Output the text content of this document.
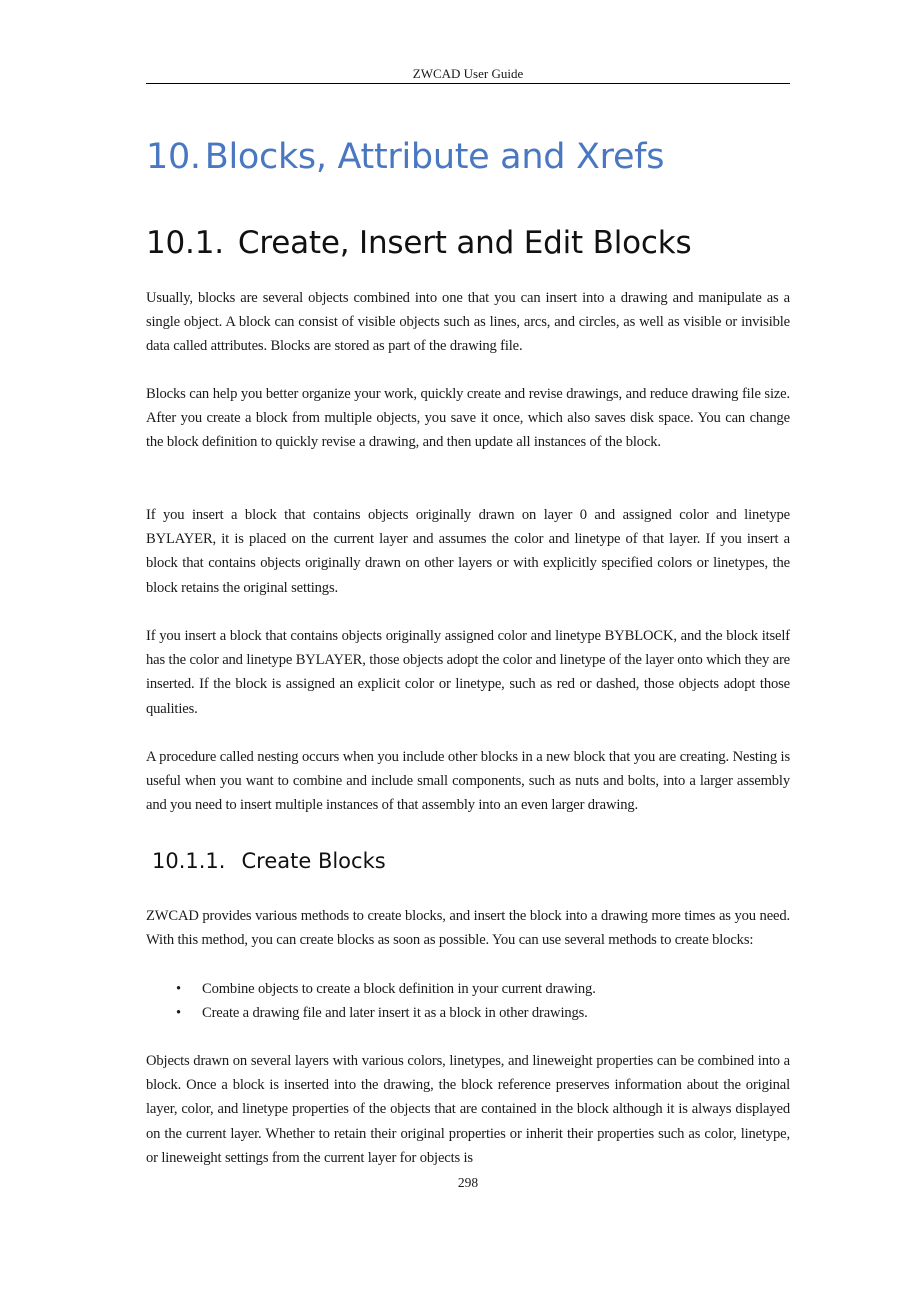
ZWCAD User Guide
10. Blocks, Attribute and Xrefs
10.1. Create, Insert and Edit Blocks

Usually, blocks are several objects combined into one that you can insert into a drawing and manipulate as a single object. A block can consist of visible objects such as lines, arcs, and circles, as well as visible or invisible data called attributes. Blocks are stored as part of the drawing file.

Blocks can help you better organize your work, quickly create and revise drawings, and reduce drawing file size. After you create a block from multiple objects, you save it once, which also saves disk space. You can change the block definition to quickly revise a drawing, and then update all instances of the block.

If you insert a block that contains objects originally drawn on layer 0 and assigned color and linetype BYLAYER, it is placed on the current layer and assumes the color and linetype of that layer. If you insert a block that contains objects originally drawn on other layers or with explicitly specified colors or linetypes, the block retains the original settings.

If you insert a block that contains objects originally assigned color and linetype BYBLOCK, and the block itself has the color and linetype BYLAYER, those objects adopt the color and linetype of the layer onto which they are inserted. If the block is assigned an explicit color or linetype, such as red or dashed, those objects adopt those qualities.

A procedure called nesting occurs when you include other blocks in a new block that you are creating. Nesting is useful when you want to combine and include small components, such as nuts and bolts, into a larger assembly and you need to insert multiple instances of that assembly into an even larger drawing.

10.1.1. Create Blocks

ZWCAD provides various methods to create blocks, and insert the block into a drawing more times as you need. With this method, you can create blocks as soon as possible. You can use several methods to create blocks:

• Combine objects to create a block definition in your current drawing.
• Create a drawing file and later insert it as a block in other drawings.

Objects drawn on several layers with various colors, linetypes, and lineweight properties can be combined into a block. Once a block is inserted into the drawing, the block reference preserves information about the original layer, color, and linetype properties of the objects that are contained in the block although it is always displayed on the current layer. Whether to retain their original properties or inherit their properties such as color, linetype, or lineweight settings from the current layer for objects is

298
